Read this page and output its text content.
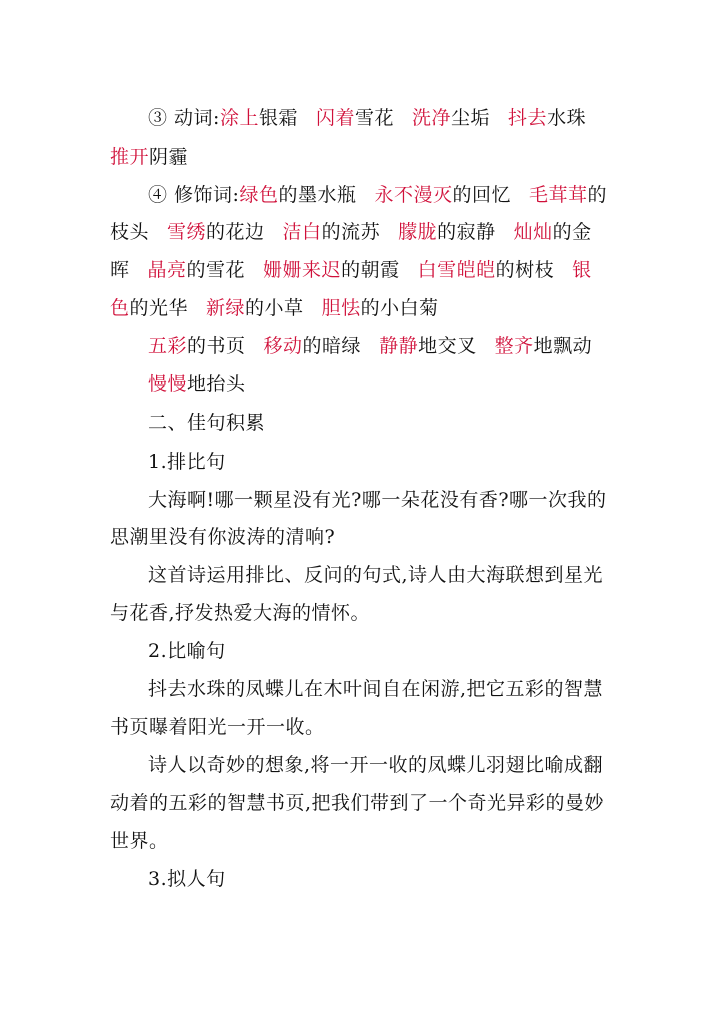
③ 动词:涂上银霜 闪着雪花 洗净尘垢 抖去水珠
推开阴霾
④ 修饰词:绿色的墨水瓶 永不漫灭的回忆 毛茸茸的
枝头 雪绣的花边 洁白的流苏 朦胧的寂静 灿灿的金
晖 晶亮的雪花 姗姗来迟的朝霞 白雪皑皑的树枝 银
色的光华 新绿的小草 胆怯的小白菊
五彩的书页 移动的暗绿 静静地交叉 整齐地飘动
慢慢地抬头
二、佳句积累
1.排比句
大海啊!哪一颗星没有光?哪一朵花没有香?哪一次我的
思潮里没有你波涛的清响?
这首诗运用排比、反问的句式,诗人由大海联想到星光
与花香,抒发热爱大海的情怀。
2.比喻句
抖去水珠的凤蝶儿在木叶间自在闲游,把它五彩的智慧
书页曝着阳光一开一收。
诗人以奇妙的想象,将一开一收的凤蝶儿羽翅比喻成翻
动着的五彩的智慧书页,把我们带到了一个奇光异彩的曼妙
世界。
3.拟人句
